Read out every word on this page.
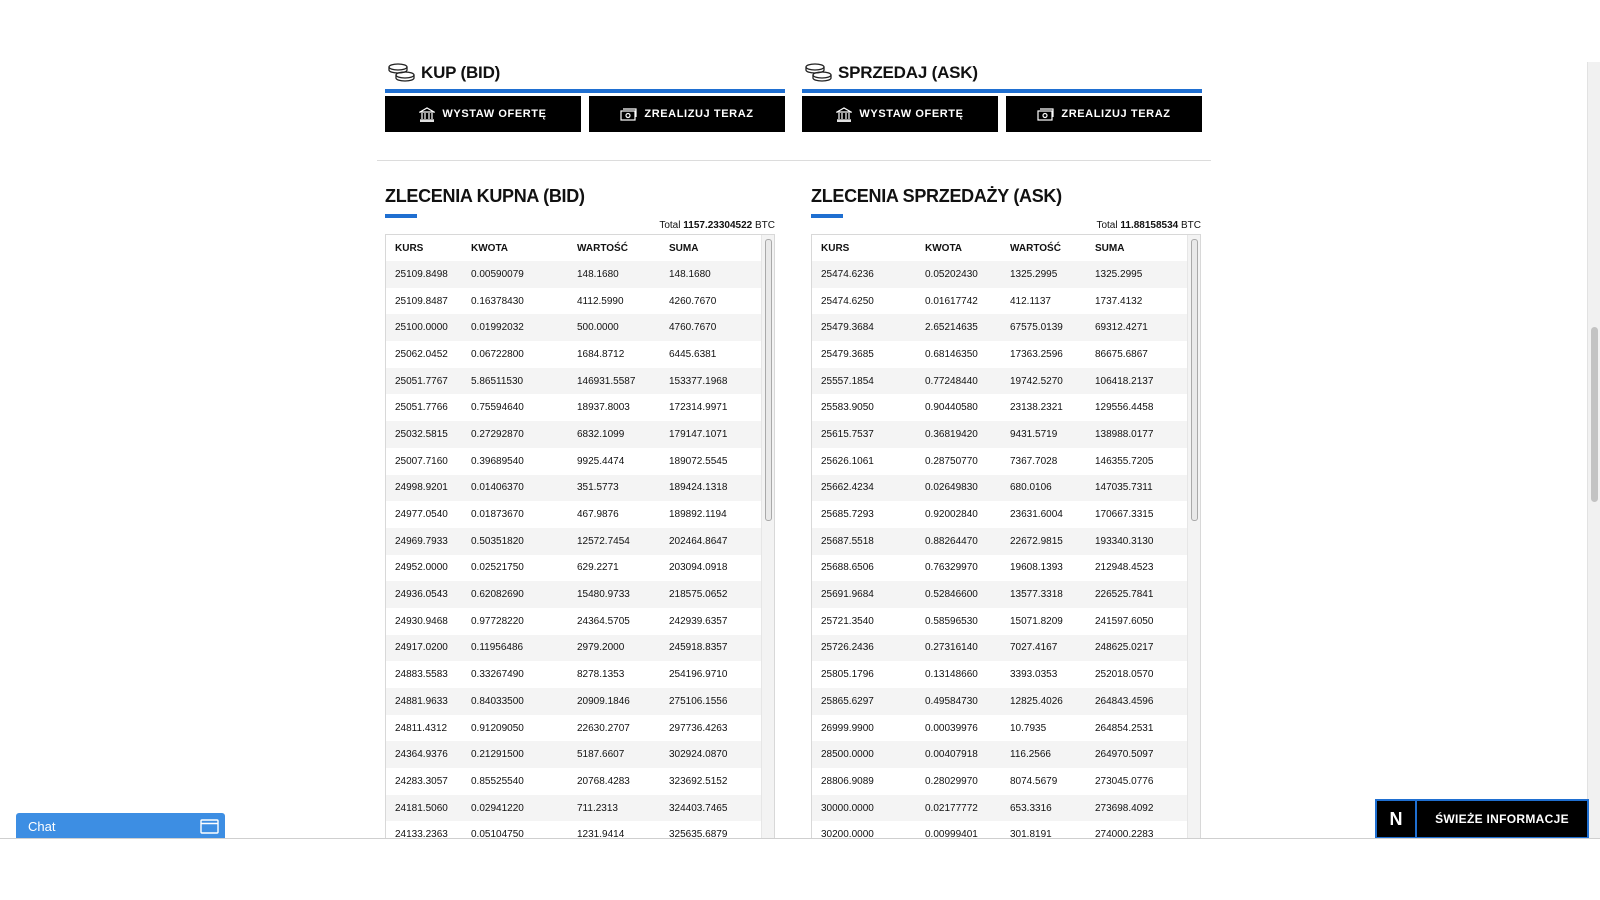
KUP (BID)
WYSTAW OFERTĘ	ZREALIZUJ TERAZ
SPRZEDAJ (ASK)
WYSTAW OFERTĘ	ZREALIZUJ TERAZ
ZLECENIA KUPNA (BID)
Total 1157.23304522 BTC
KURS	KWOTA	WARTOŚĆ	SUMA
25109.8498	0.00590079	148.1680	148.1680
25109.8487	0.16378430	4112.5990	4260.7670
25100.0000	0.01992032	500.0000	4760.7670
25062.0452	0.06722800	1684.8712	6445.6381
25051.7767	5.86511530	146931.5587	153377.1968
25051.7766	0.75594640	18937.8003	172314.9971
25032.5815	0.27292870	6832.1099	179147.1071
25007.7160	0.39689540	9925.4474	189072.5545
24998.9201	0.01406370	351.5773	189424.1318
24977.0540	0.01873670	467.9876	189892.1194
24969.7933	0.50351820	12572.7454	202464.8647
24952.0000	0.02521750	629.2271	203094.0918
24936.0543	0.62082690	15480.9733	218575.0652
24930.9468	0.97728220	24364.5705	242939.6357
24917.0200	0.11956486	2979.2000	245918.8357
24883.5583	0.33267490	8278.1353	254196.9710
24881.9633	0.84033500	20909.1846	275106.1556
24811.4312	0.91209050	22630.2707	297736.4263
24364.9376	0.21291500	5187.6607	302924.0870
24283.3057	0.85525540	20768.4283	323692.5152
24181.5060	0.02941220	711.2313	324403.7465
24133.2363	0.05104750	1231.9414	325635.6879
ZLECENIA SPRZEDAŻY (ASK)
Total 11.88158534 BTC
KURS	KWOTA	WARTOŚĆ	SUMA
25474.6236	0.05202430	1325.2995	1325.2995
25474.6250	0.01617742	412.1137	1737.4132
25479.3684	2.65214635	67575.0139	69312.4271
25479.3685	0.68146350	17363.2596	86675.6867
25557.1854	0.77248440	19742.5270	106418.2137
25583.9050	0.90440580	23138.2321	129556.4458
25615.7537	0.36819420	9431.5719	138988.0177
25626.1061	0.28750770	7367.7028	146355.7205
25662.4234	0.02649830	680.0106	147035.7311
25685.7293	0.92002840	23631.6004	170667.3315
25687.5518	0.88264470	22672.9815	193340.3130
25688.6506	0.76329970	19608.1393	212948.4523
25691.9684	0.52846600	13577.3318	226525.7841
25721.3540	0.58596530	15071.8209	241597.6050
25726.2436	0.27316140	7027.4167	248625.0217
25805.1796	0.13148660	3393.0353	252018.0570
25865.6297	0.49584730	12825.4026	264843.4596
26999.9900	0.00039976	10.7935	264854.2531
28500.0000	0.00407918	116.2566	264970.5097
28806.9089	0.28029970	8074.5679	273045.0776
30000.0000	0.02177772	653.3316	273698.4092
30200.0000	0.00999401	301.8191	274000.2283
Chat	N	ŚWIEŻE INFORMACJE
